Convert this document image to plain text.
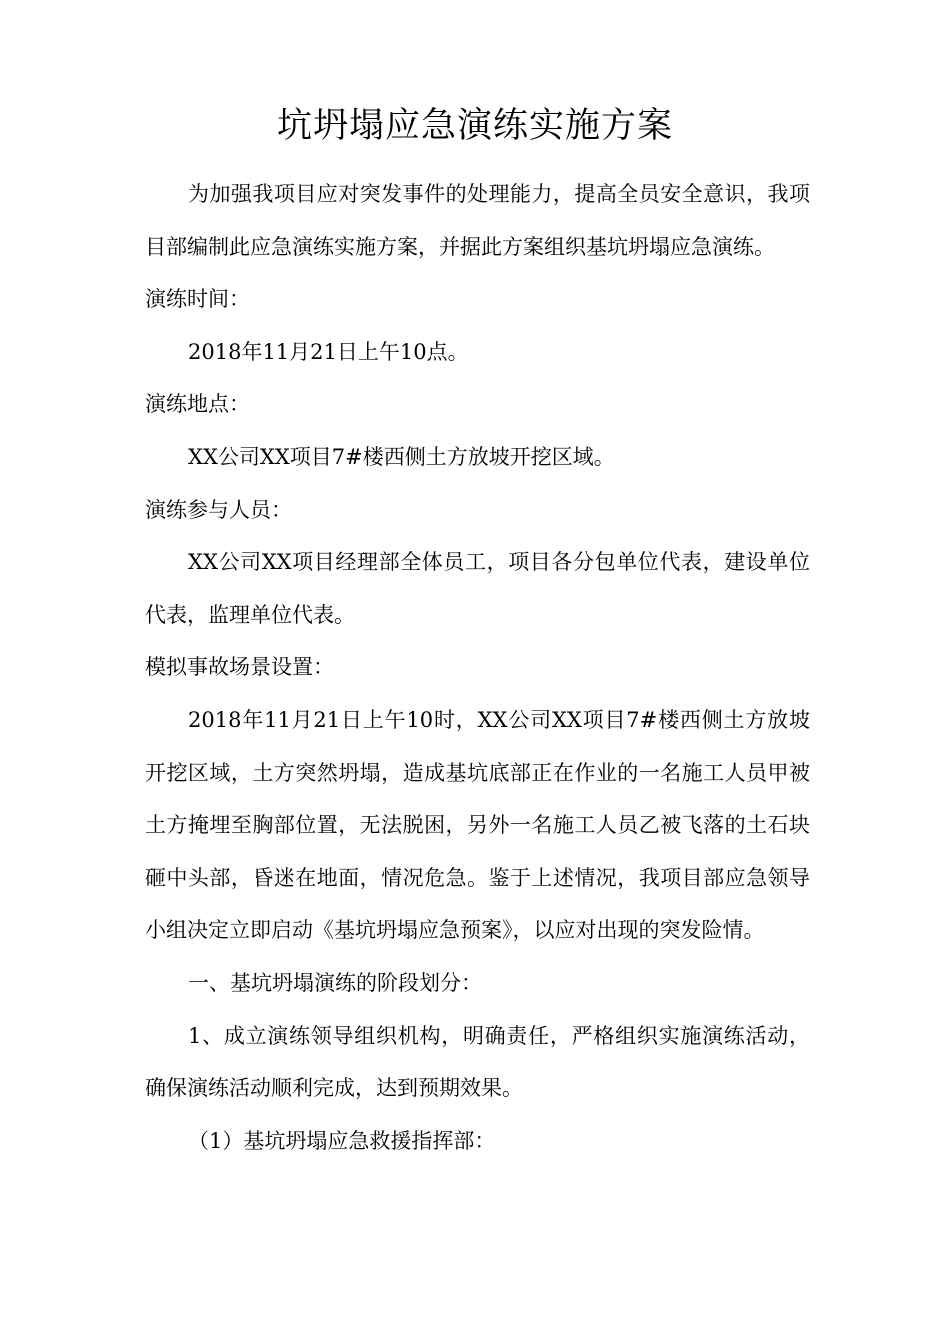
坑坍塌应急演练实施方案

为加强我项目应对突发事件的处理能力，提高全员安全意识，我项目部编制此应急演练实施方案，并据此方案组织基坑坍塌应急演练。

演练时间：

2018年11月21日上午10点。

演练地点：

XX公司XX项目7#楼西侧土方放坡开挖区域。

演练参与人员：

XX公司XX项目经理部全体员工，项目各分包单位代表，建设单位代表，监理单位代表。

模拟事故场景设置：

2018年11月21日上午10时，XX公司XX项目7#楼西侧土方放坡开挖区域，土方突然坍塌，造成基坑底部正在作业的一名施工人员甲被土方掩埋至胸部位置，无法脱困，另外一名施工人员乙被飞落的土石块砸中头部，昏迷在地面，情况危急。鉴于上述情况，我项目部应急领导小组决定立即启动《基坑坍塌应急预案》，以应对出现的突发险情。

一、基坑坍塌演练的阶段划分：

1、成立演练领导组织机构，明确责任，严格组织实施演练活动，确保演练活动顺利完成，达到预期效果。

（1）基坑坍塌应急救援指挥部：
